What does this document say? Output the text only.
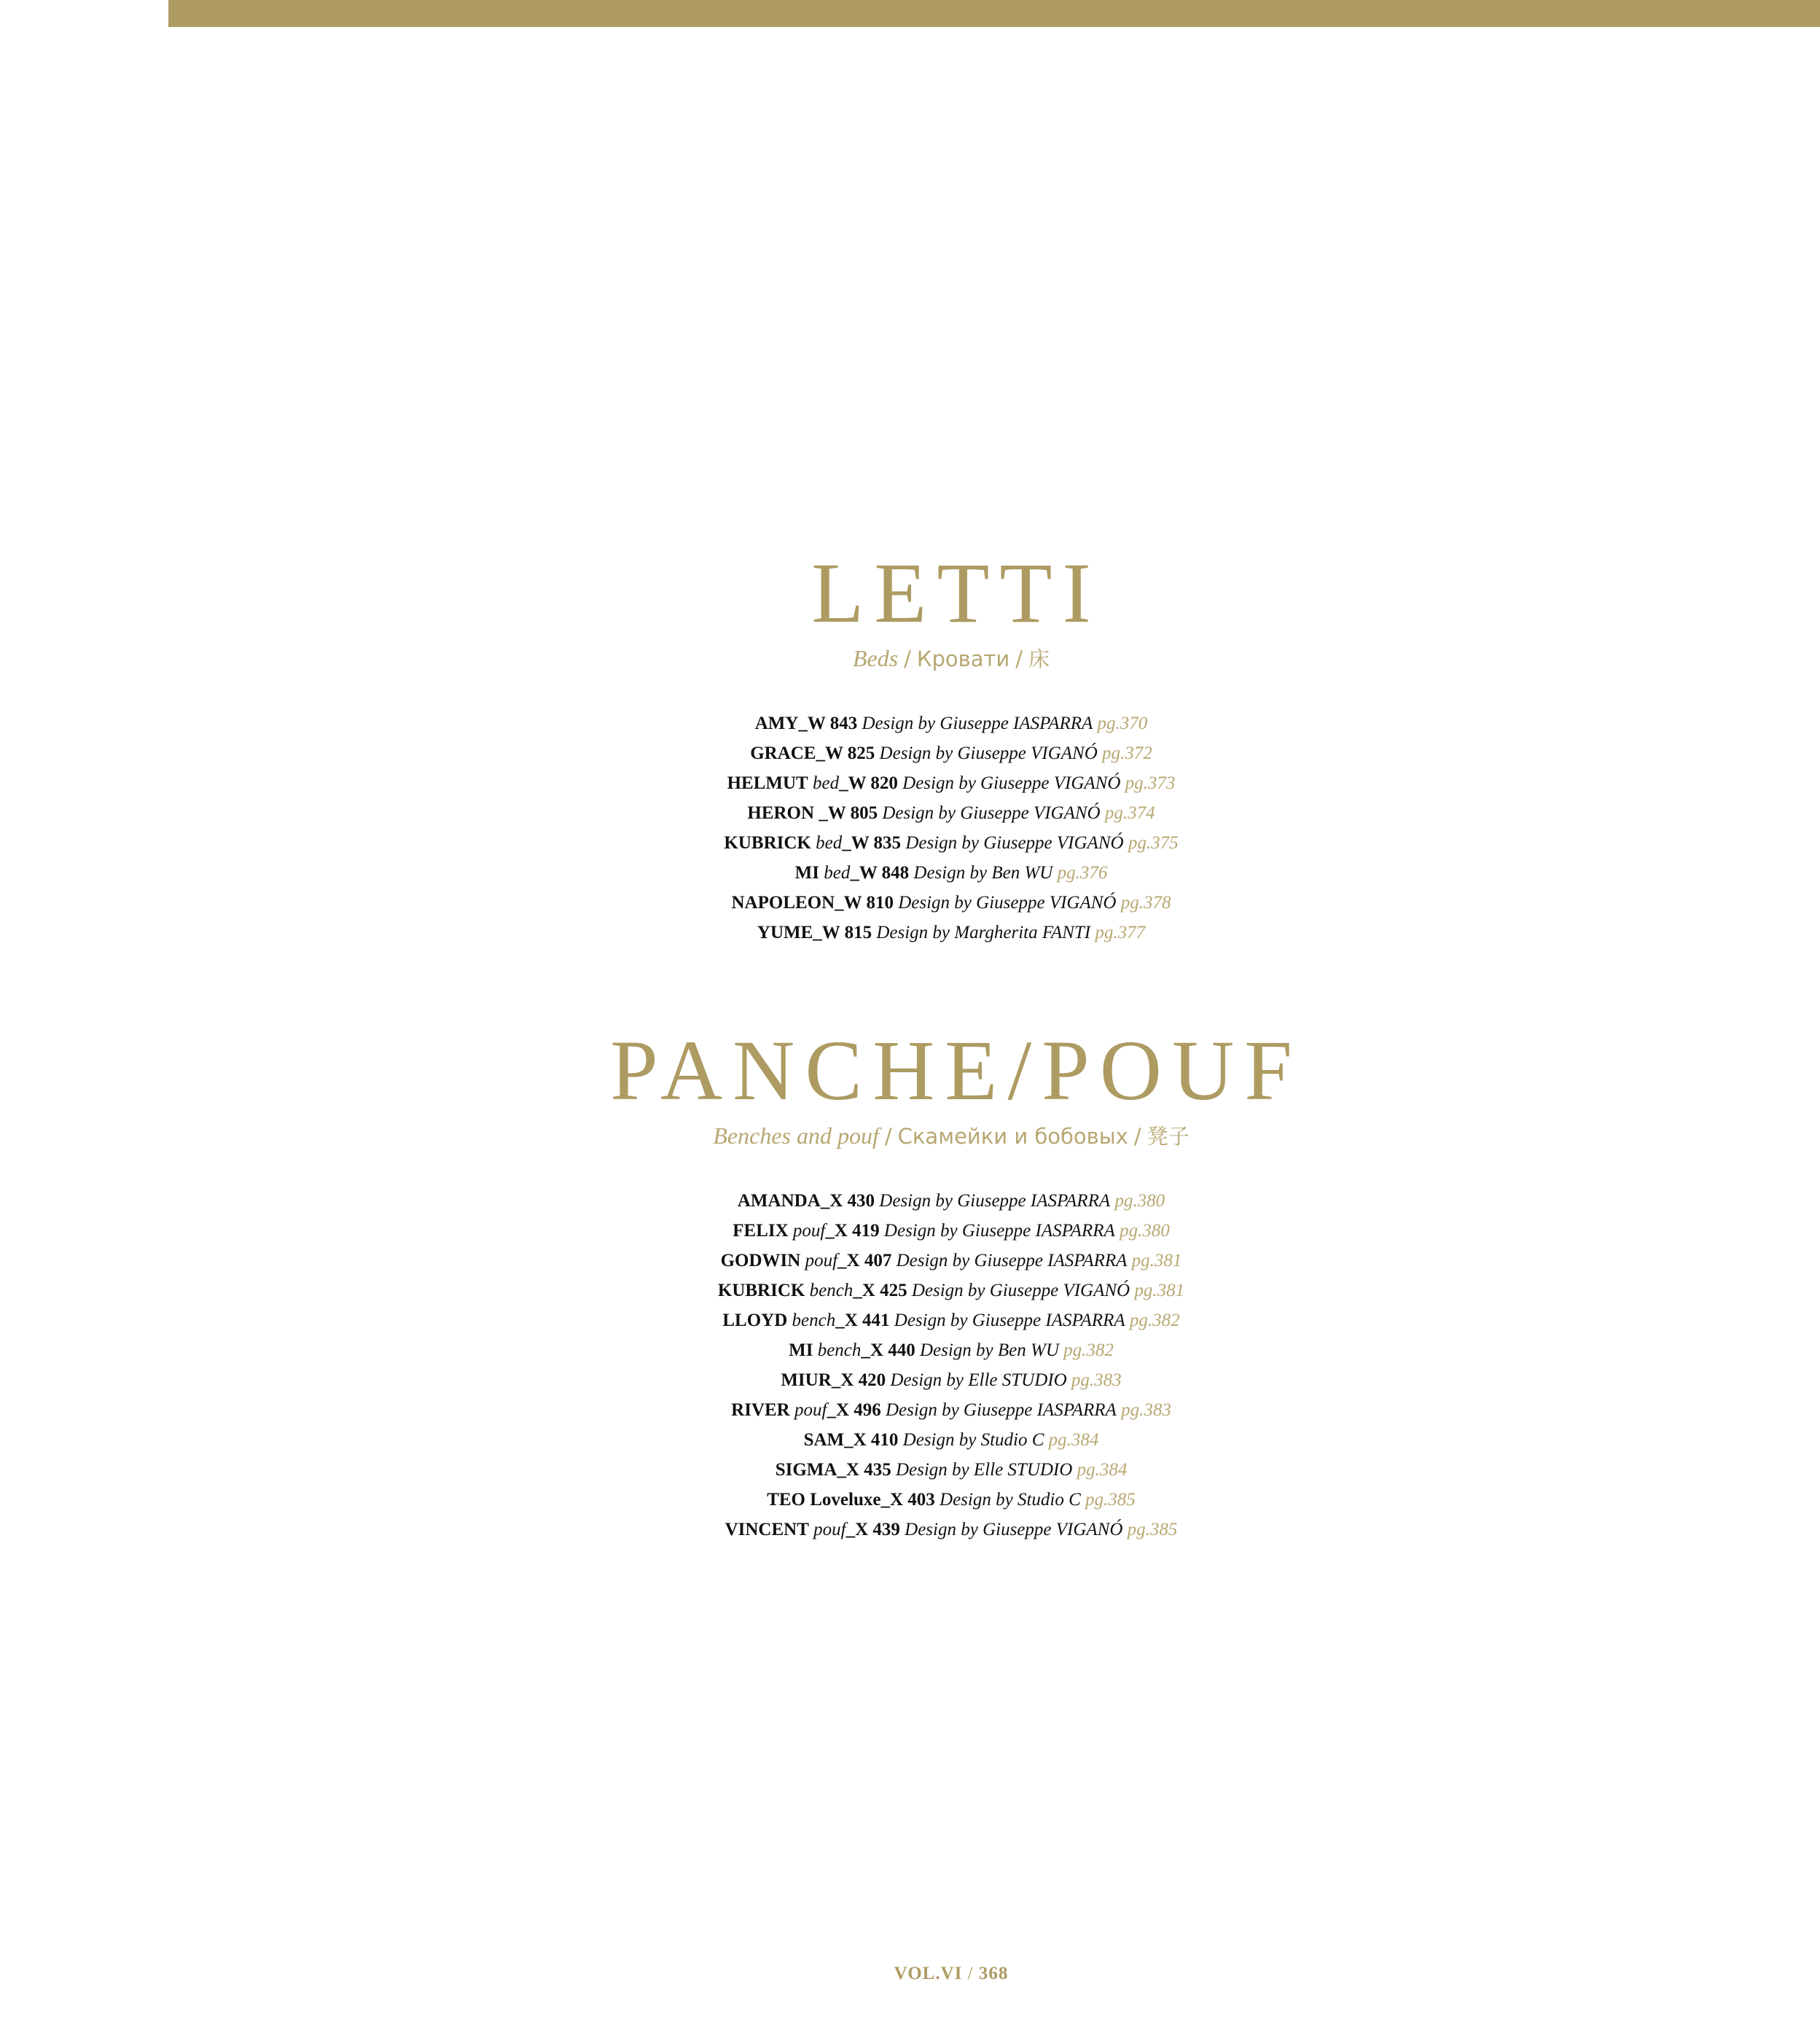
LETTI
Beds / Кровати / 床
AMY_W 843 Design by Giuseppe IASPARRA pg.370
GRACE_W 825 Design by Giuseppe VIGANÓ pg.372
HELMUT bed_W 820 Design by Giuseppe VIGANÓ pg.373
HERON _W 805 Design by Giuseppe VIGANÓ pg.374
KUBRICK bed_W 835 Design by Giuseppe VIGANÓ pg.375
MI bed_W 848 Design by Ben WU pg.376
NAPOLEON_W 810 Design by Giuseppe VIGANÓ pg.378
YUME_W 815 Design by Margherita FANTI pg.377
PANCHE/POUF
Benches and pouf / Скамейки и бобовых / 凳子
AMANDA_X 430 Design by Giuseppe IASPARRA pg.380
FELIX pouf_X 419 Design by Giuseppe IASPARRA pg.380
GODWIN pouf_X 407 Design by Giuseppe IASPARRA pg.381
KUBRICK bench_X 425 Design by Giuseppe VIGANÓ pg.381
LLOYD bench_X 441 Design by Giuseppe IASPARRA pg.382
MI bench_X 440 Design by Ben WU pg.382
MIUR_X 420 Design by Elle STUDIO pg.383
RIVER pouf_X 496 Design by Giuseppe IASPARRA pg.383
SAM_X 410 Design by Studio C pg.384
SIGMA_X 435 Design by Elle STUDIO pg.384
TEO Loveluxe_X 403 Design by Studio C pg.385
VINCENT pouf_X 439 Design by Giuseppe VIGANÓ pg.385
VOL.VI / 368
